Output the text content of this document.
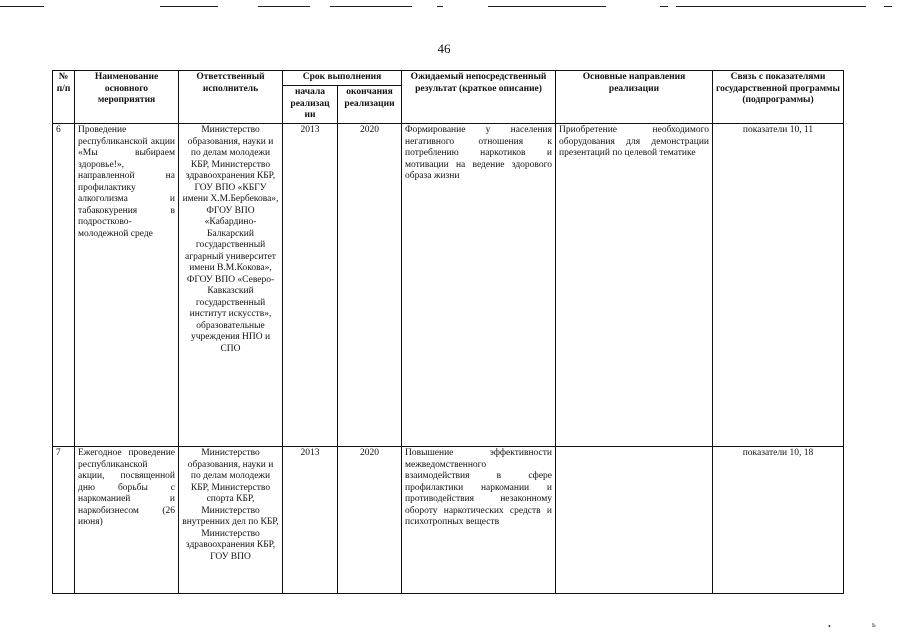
46
№ п/п	Наименование основного мероприятия	Ответственный исполнитель	Срок выполнения		Ожидаемый непосредственный результат (краткое описание)	Основные направления реализации	Связь с показателями государственной программы (подпрограммы)
			начала реализац ии	окончания реализации			
6	Проведение республиканской акции «Мы выбираем здоровье!», направленной на профилактику алкоголизма и табакокурения в подростково-молодежной среде	Министерство образования, науки и по делам молодежи КБР, Министерство здравоохранения КБР, ГОУ ВПО «КБГУ имени Х.М.Бербекова», ФГОУ ВПО «Кабардино-Балкарский государственный аграрный университет имени В.М.Кокова», ФГОУ ВПО «Северо-Кавказский государственный институт искусств», образовательные учреждения НПО и СПО	2013	2020	Формирование у населения негативного отношения к потреблению наркотиков и мотивации на ведение здорового образа жизни	Приобретение необходимого оборудования для демонстрации презентаций по целевой тематике	показатели 10, 11
7	Ежегодное проведение республиканской акции, посвященной дню борьбы с наркоманией и наркобизнесом (26 июня)	Министерство образования, науки и по делам молодежи КБР, Министерство спорта КБР, Министерство внутренних дел по КБР, Министерство здравоохранения КБР, ГОУ ВПО	2013	2020	Повышение эффективности межведомственного взаимодействия в сфере профилактики наркомании и противодействия незаконному обороту наркотических средств и психотропных веществ		показатели 10, 18
•	ь
